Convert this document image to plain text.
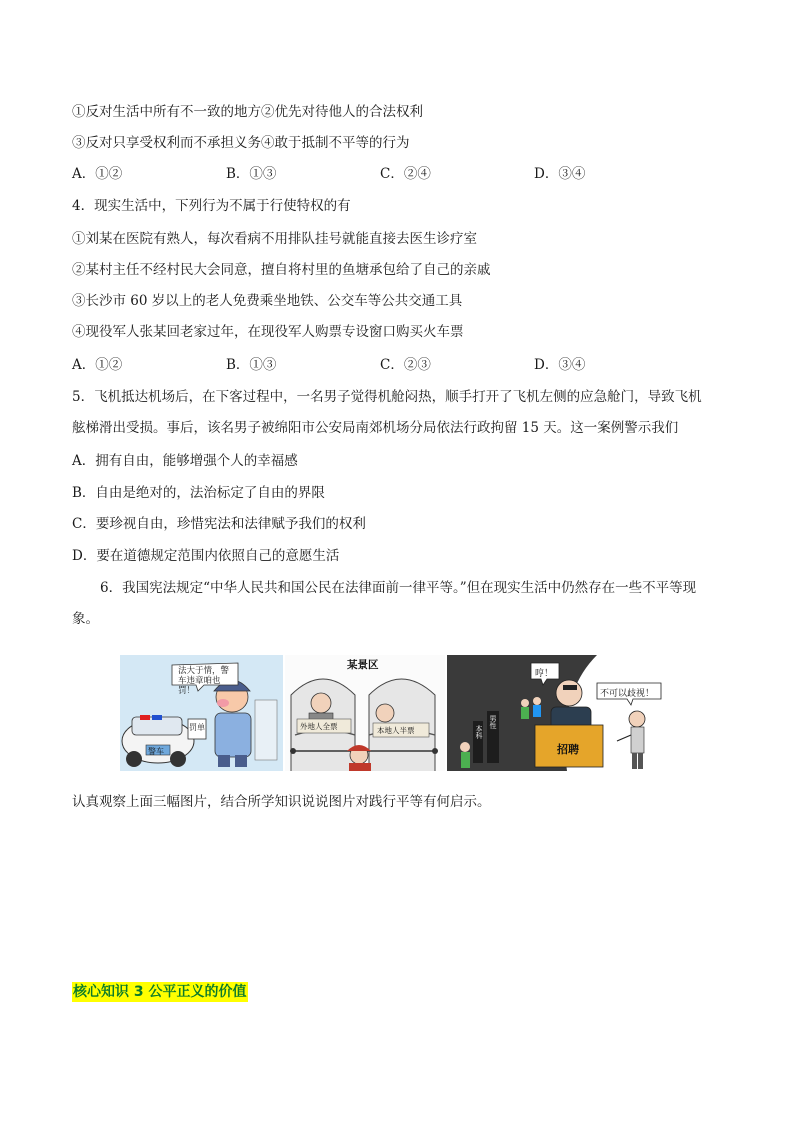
①反对生活中所有不一致的地方②优先对待他人的合法权利
③反对只享受权利而不承担义务④敢于抵制不平等的行为
A．①②	B．①③	C．②④	D．③④
4．现实生活中，下列行为不属于行使特权的有
①刘某在医院有熟人，每次看病不用排队挂号就能直接去医生诊疗室
②某村主任不经村民大会同意，擅自将村里的鱼塘承包给了自己的亲戚
③长沙市 60 岁以上的老人免费乘坐地铁、公交车等公共交通工具
④现役军人张某回老家过年，在现役军人购票专设窗口购买火车票
A．①②	B．①③	C．②③	D．③④
5．飞机抵达机场后，在下客过程中，一名男子觉得机舱闷热，顺手打开了飞机左侧的应急舱门，导致飞机
舷梯滑出受损。事后，该名男子被绵阳市公安局南郊机场分局依法行政拘留 15 天。这一案例警示我们
A．拥有自由，能够增强个人的幸福感
B．自由是绝对的，法治标定了自由的界限
C．要珍视自由，珍惜宪法和法律赋予我们的权利
D．要在道德规定范围内依照自己的意愿生活
6．我国宪法规定“中华人民共和国公民在法律面前一律平等。”但在现实生活中仍然存在一些不平等现
象。
法大于情，警车违章咱也罚！
罚单
警车
某景区
外地人全票	本地人半票
哼！
不可以歧视！
招聘
男性
本科
认真观察上面三幅图片，结合所学知识说说图片对践行平等有何启示。
核心知识 3 公平正义的价值
